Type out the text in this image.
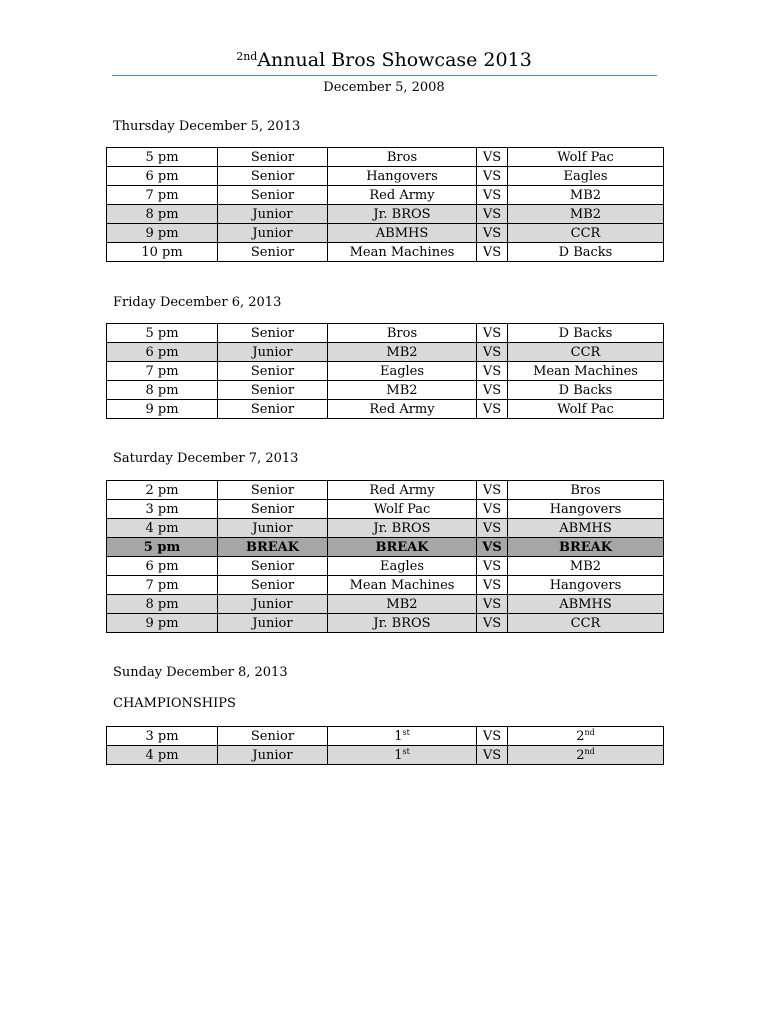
$^{2nd}$Annual Bros Showcase 2013
December 5, 2008
Thursday December 5, 2013
5 pm	Senior	Bros	VS	Wolf Pac
6 pm	Senior	Hangovers	VS	Eagles
7 pm	Senior	Red Army	VS	MB2
8 pm	Junior	Jr. BROS	VS	MB2
9 pm	Junior	ABMHS	VS	CCR
10 pm	Senior	Mean Machines	VS	D Backs
Friday December 6, 2013
5 pm	Senior	Bros	VS	D Backs
6 pm	Junior	MB2	VS	CCR
7 pm	Senior	Eagles	VS	Mean Machines
8 pm	Senior	MB2	VS	D Backs
9 pm	Senior	Red Army	VS	Wolf Pac
Saturday December 7, 2013
2 pm	Senior	Red Army	VS	Bros
3 pm	Senior	Wolf Pac	VS	Hangovers
4 pm	Junior	Jr. BROS	VS	ABMHS
5 pm	BREAK	BREAK	VS	BREAK
6 pm	Senior	Eagles	VS	MB2
7 pm	Senior	Mean Machines	VS	Hangovers
8 pm	Junior	MB2	VS	ABMHS
9 pm	Junior	Jr. BROS	VS	CCR
Sunday December 8, 2013
CHAMPIONSHIPS
3 pm	Senior	1st	VS	2nd
4 pm	Junior	1st	VS	2nd
